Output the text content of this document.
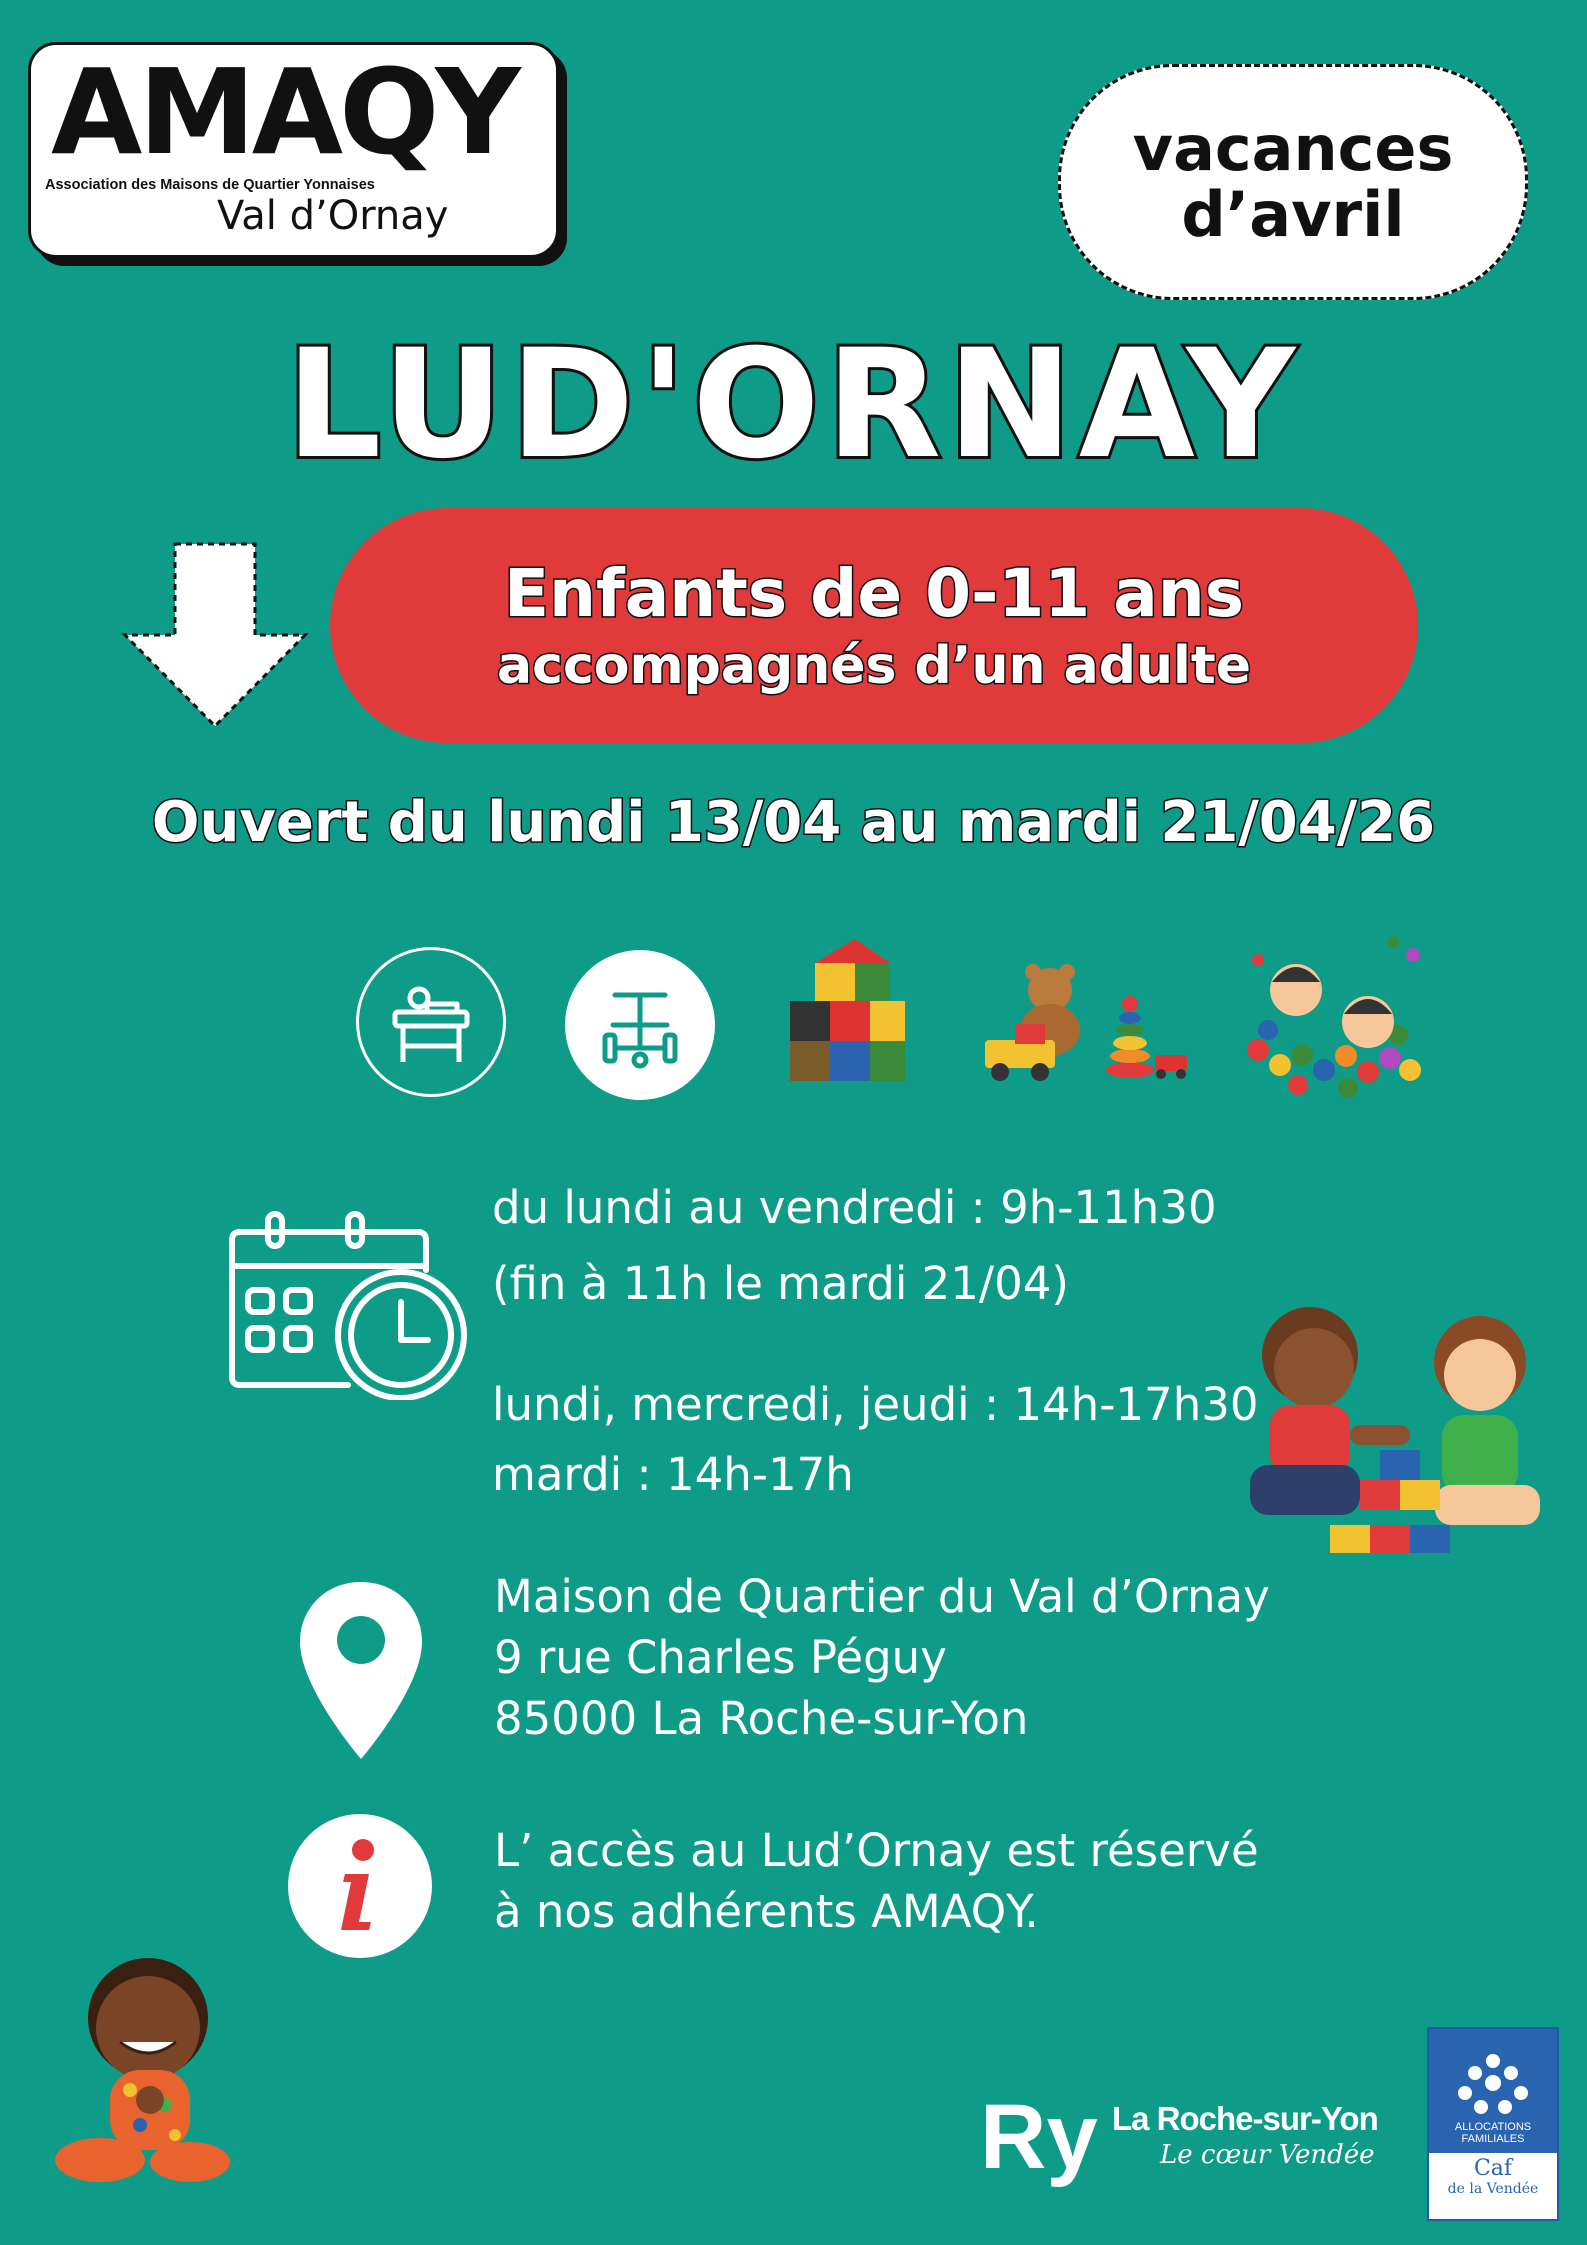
AMAQY
Association des Maisons de Quartier Yonnaises
Val d’Ornay
vacances
d’avril
LUD'ORNAY
Enfants de 0-11 ans
accompagnés d’un adulte
Ouvert du lundi 13/04 au mardi 21/04/26
du lundi au vendredi : 9h-11h30
(fin à 11h le mardi 21/04)
lundi, mercredi, jeudi : 14h-17h30
mardi : 14h-17h
Maison de Quartier du Val d’Ornay
9 rue Charles Péguy
85000 La Roche-sur-Yon
L’ accès au Lud’Ornay est réservé
à nos adhérents AMAQY.
Ry La Roche-sur-Yon
Le cœur Vendée
ALLOCATIONS FAMILIALES
Caf
de la Vendée
